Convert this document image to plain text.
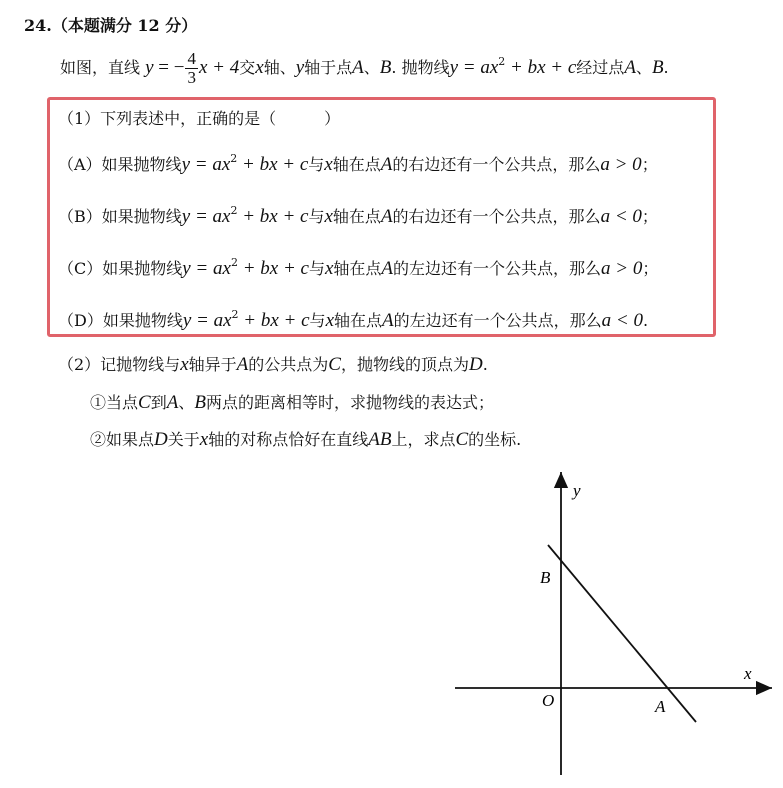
24.（本题满分 12 分）
如图，直线 y = − $\frac{4}{3}$ x + 4交x轴、y轴于点A、B. 抛物线$y = ax^2$ + bx + c经过点A、B.
（1）下列表述中，正确的是（　　　）
（A）如果抛物线$y = ax^2$ + bx + c与x轴在点A的右边还有一个公共点，那么a > 0；
（B）如果抛物线$y = ax^2$ + bx + c与x轴在点A的右边还有一个公共点，那么a < 0；
（C）如果抛物线$y = ax^2$ + bx + c与x轴在点A的左边还有一个公共点，那么a > 0；
（D）如果抛物线$y = ax^2$ + bx + c与x轴在点A的左边还有一个公共点，那么a < 0.
（2）记抛物线与x轴异于A的公共点为C，抛物线的顶点为D.
①当点C到A、B两点的距离相等时，求抛物线的表达式；
②如果点D关于x轴的对称点恰好在直线AB上，求点C的坐标.
y
x
B
O	A
